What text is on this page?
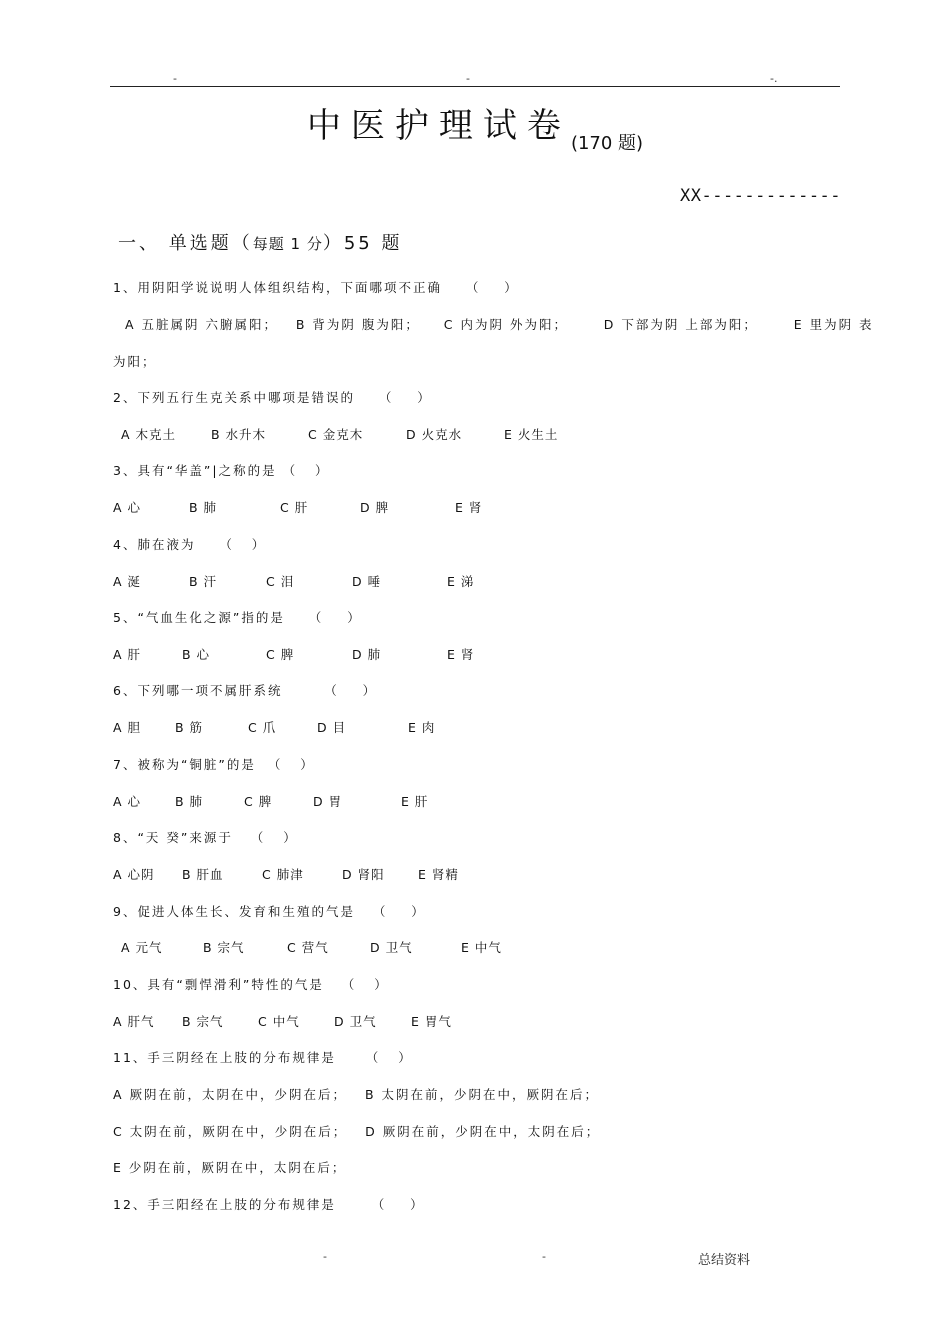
-	-	-.
中医护理试卷(170 题)
XX-------------
一、 单选题（每题 1 分）55 题
1、用阴阳学说说明人体组织结构，下面哪项不正确    （    ）
A 五脏属阴 六腑属阳；   B 背为阴 腹为阳；    C 内为阴 外为阳；      D 下部为阴 上部为阳；      E 里为阴 表
为阳；
2、下列五行生克关系中哪项是错误的    （    ）
A 木克土	B 水升木	C 金克木	D 火克水	E 火生土
3、具有“华盖”|之称的是 （   ）
A 心	B 肺	C 肝	D 脾	E 肾
4、肺在液为    （   ）
A 涎	B 汗	C 泪	D 唾	E 涕
5、“气血生化之源”指的是    （    ）
A 肝	B 心	C 脾	D 肺	E 肾
6、下列哪一项不属肝系统       （    ）
A 胆	B 筋	C 爪	D 目	E 肉
7、被称为“铜脏”的是  （   ）
A 心	B 肺	C 脾	D 胃	E 肝
8、“天 癸”来源于   （   ）
A 心阴 B 肝血	C 肺津	D 肾阳	E 肾精
9、促进人体生长、发育和生殖的气是   （    ）
A 元气	B 宗气	C 营气	D 卫气	E 中气
10、具有“剽悍滑利”特性的气是   （   ）
A 肝气 B 宗气	C 中气	D 卫气	E 胃气
11、手三阴经在上肢的分布规律是     （   ）
A 厥阴在前，太阴在中，少阴在后；   B 太阴在前，少阴在中，厥阴在后；
C 太阴在前，厥阴在中，少阴在后；   D 厥阴在前，少阴在中，太阴在后；
E 少阴在前，厥阴在中，太阴在后；
12、手三阳经在上肢的分布规律是      （    ）
-	-	总结资料
